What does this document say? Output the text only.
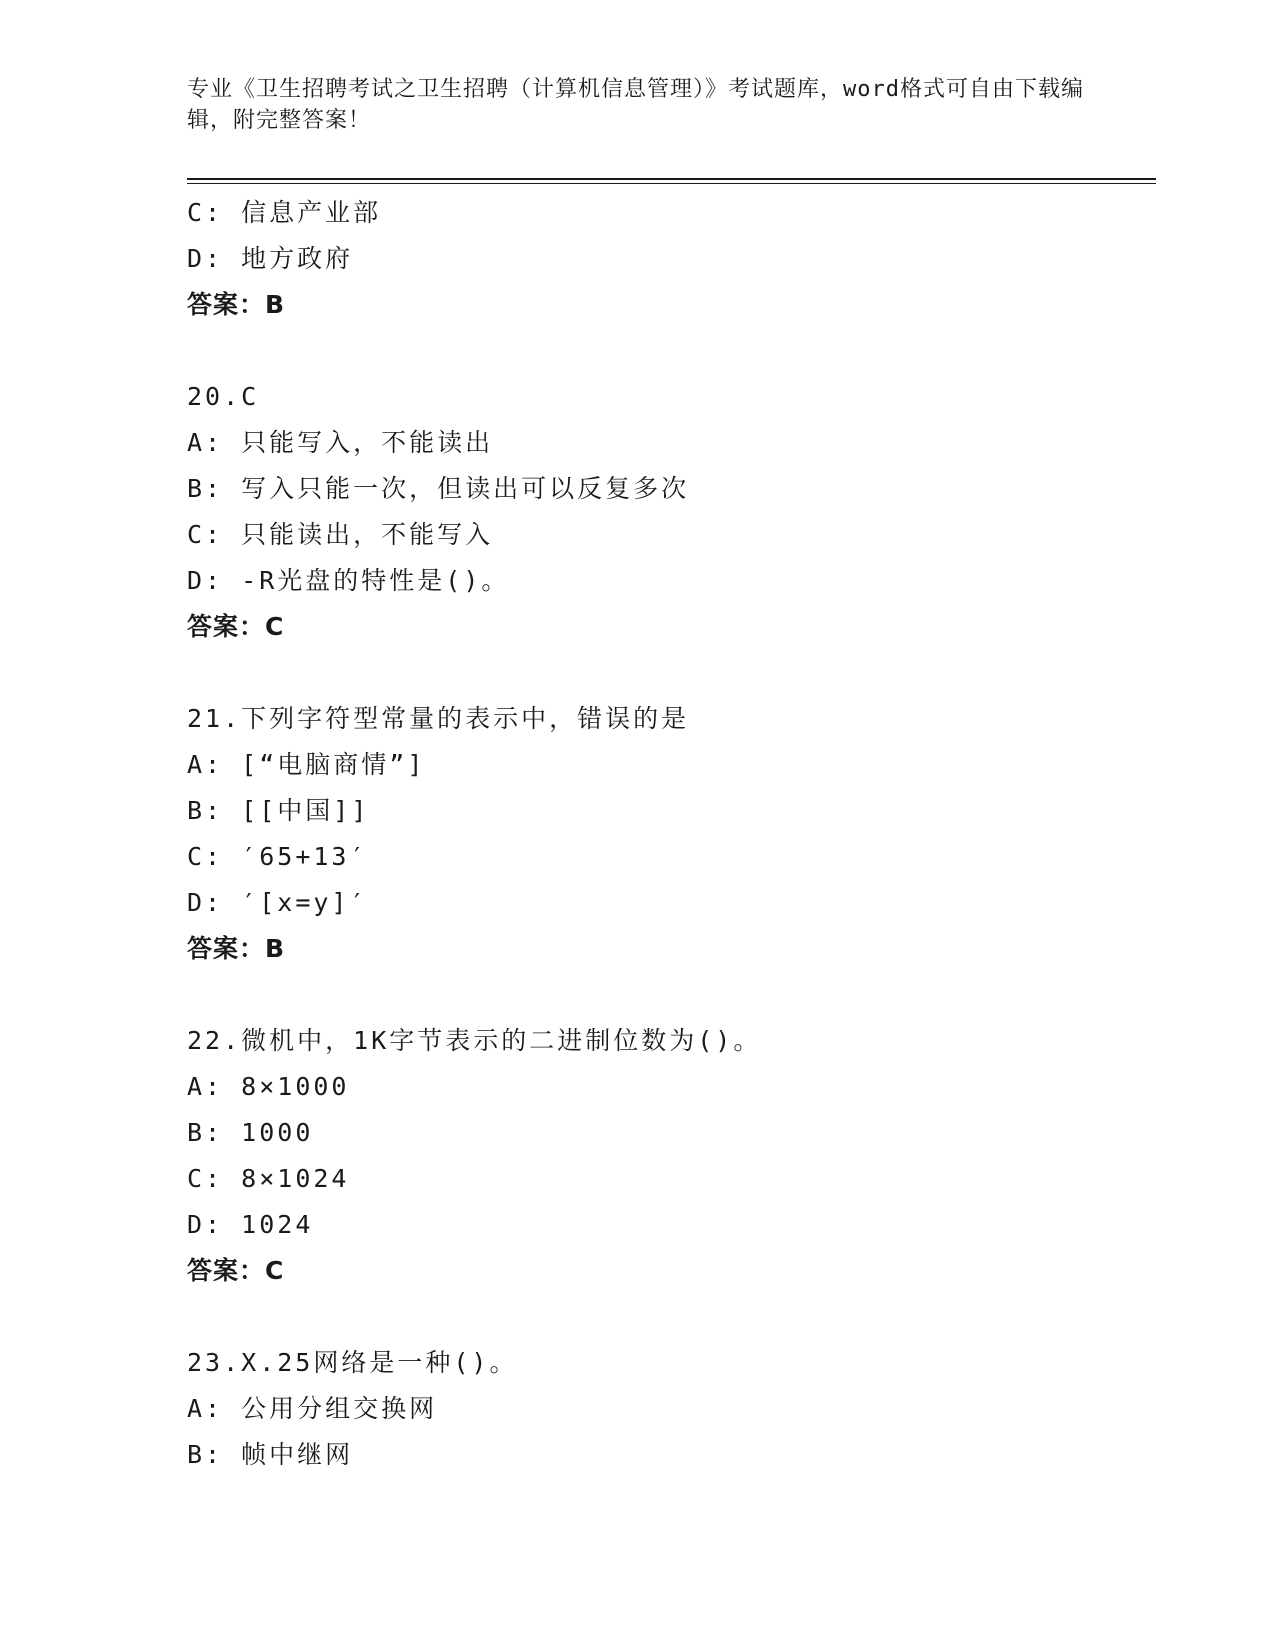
专业《卫生招聘考试之卫生招聘（计算机信息管理）》考试题库，word格式可自由下载编辑，附完整答案！
C: 信息产业部
D: 地方政府
答案：B
20.C
A: 只能写入，不能读出
B: 写入只能一次，但读出可以反复多次
C: 只能读出，不能写入
D: -R光盘的特性是()。
答案：C
21.下列字符型常量的表示中，错误的是
A: [“电脑商情”]
B: [[中国]]
C: ′65+13′
D: ′[x=y]′
答案：B
22.微机中，1K字节表示的二进制位数为()。
A: 8×1000
B: 1000
C: 8×1024
D: 1024
答案：C
23.X.25网络是一种()。
A: 公用分组交换网
B: 帧中继网
